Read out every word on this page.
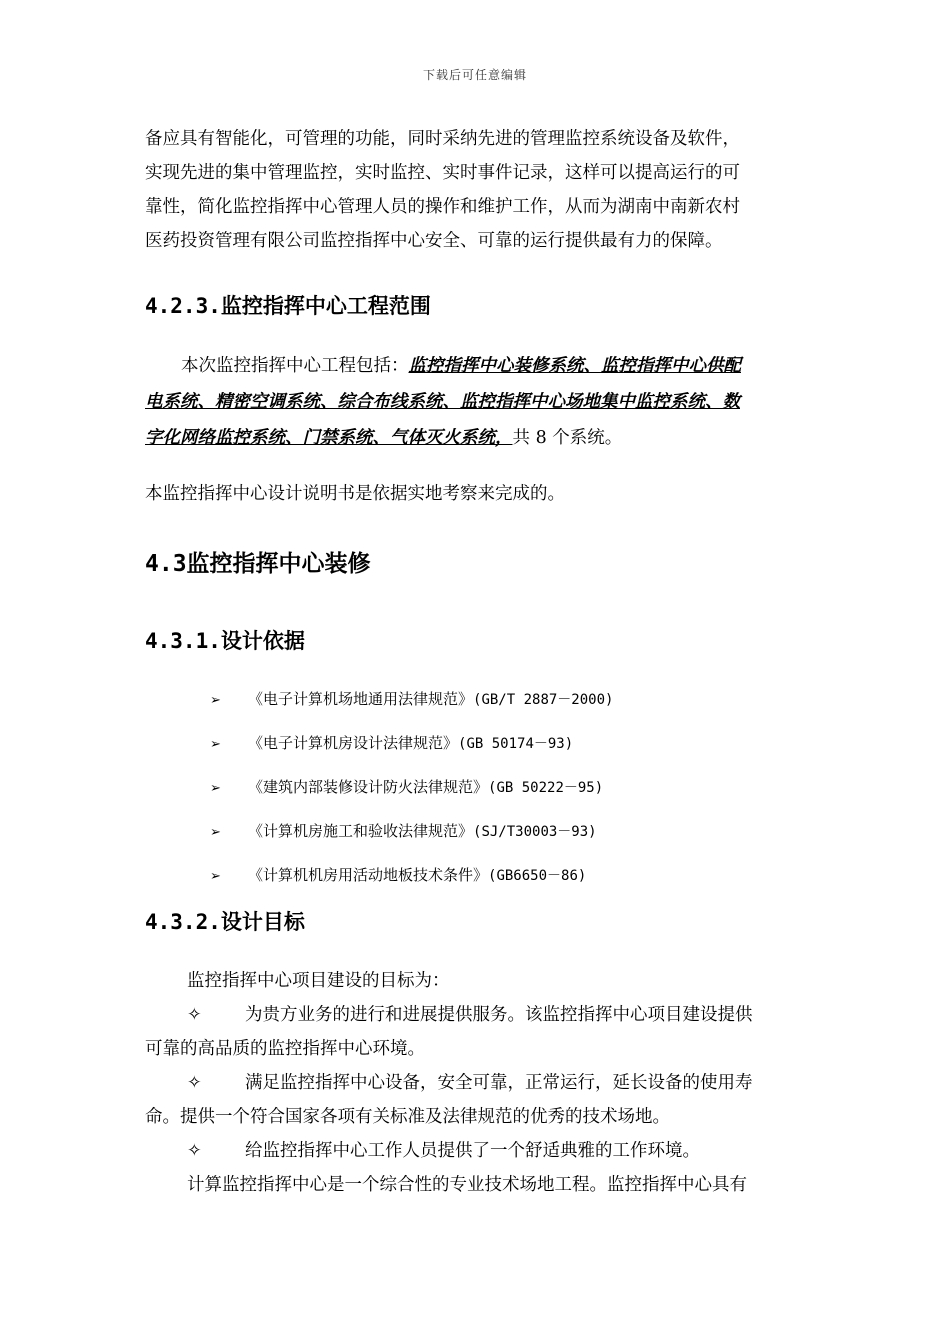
下载后可任意编辑
备应具有智能化，可管理的功能，同时采纳先进的管理监控系统设备及软件，
实现先进的集中管理监控，实时监控、实时事件记录，这样可以提高运行的可
靠性，简化监控指挥中心管理人员的操作和维护工作，从而为湖南中南新农村
医药投资管理有限公司监控指挥中心安全、可靠的运行提供最有力的保障。
4.2.3.监控指挥中心工程范围
本次监控指挥中心工程包括：监控指挥中心装修系统、监控指挥中心供配
电系统、精密空调系统、综合布线系统、监控指挥中心场地集中监控系统、数
字化网络监控系统、门禁系统、气体灭火系统，共 8 个系统。
本监控指挥中心设计说明书是依据实地考察来完成的。
4.3监控指挥中心装修
4.3.1.设计依据
➢ 《电子计算机场地通用法律规范》(GB/T 2887－2000)
➢ 《电子计算机房设计法律规范》(GB 50174－93)
➢ 《建筑内部装修设计防火法律规范》(GB 50222－95)
➢ 《计算机房施工和验收法律规范》(SJ/T30003－93)
➢ 《计算机机房用活动地板技术条件》(GB6650－86)
4.3.2.设计目标
监控指挥中心项目建设的目标为：
✧ 为贵方业务的进行和进展提供服务。该监控指挥中心项目建设提供
可靠的高品质的监控指挥中心环境。
✧ 满足监控指挥中心设备，安全可靠，正常运行，延长设备的使用寿
命。提供一个符合国家各项有关标准及法律规范的优秀的技术场地。
✧ 给监控指挥中心工作人员提供了一个舒适典雅的工作环境。
计算监控指挥中心是一个综合性的专业技术场地工程。监控指挥中心具有
